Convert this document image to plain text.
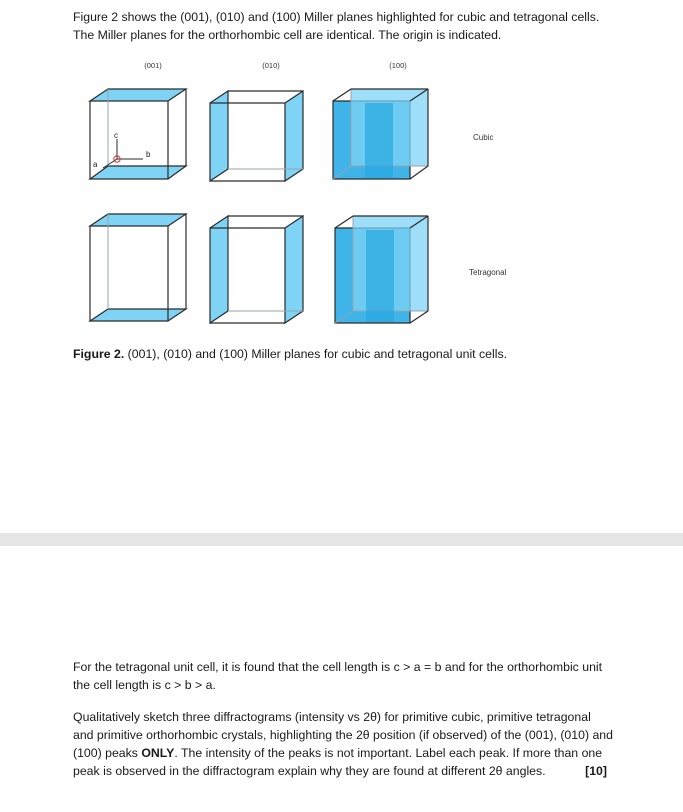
Figure 2 shows the (001), (010) and (100) Miller planes highlighted for cubic and tetragonal cells. The Miller planes for the orthorhombic cell are identical. The origin is indicated.

(001)	(010)	(100)
c
b
a
Cubic
Tetragonal

Figure 2. (001), (010) and (100) Miller planes for cubic and tetragonal unit cells.

For the tetragonal unit cell, it is found that the cell length is c > a = b and for the orthorhombic unit the cell length is c > b > a.

Qualitatively sketch three diffractograms (intensity vs 2θ) for primitive cubic, primitive tetragonal and primitive orthorhombic crystals, highlighting the 2θ position (if observed) of the (001), (010) and (100) peaks ONLY. The intensity of the peaks is not important. Label each peak. If more than one peak is observed in the diffractogram explain why they are found at different 2θ angles.	[10]
